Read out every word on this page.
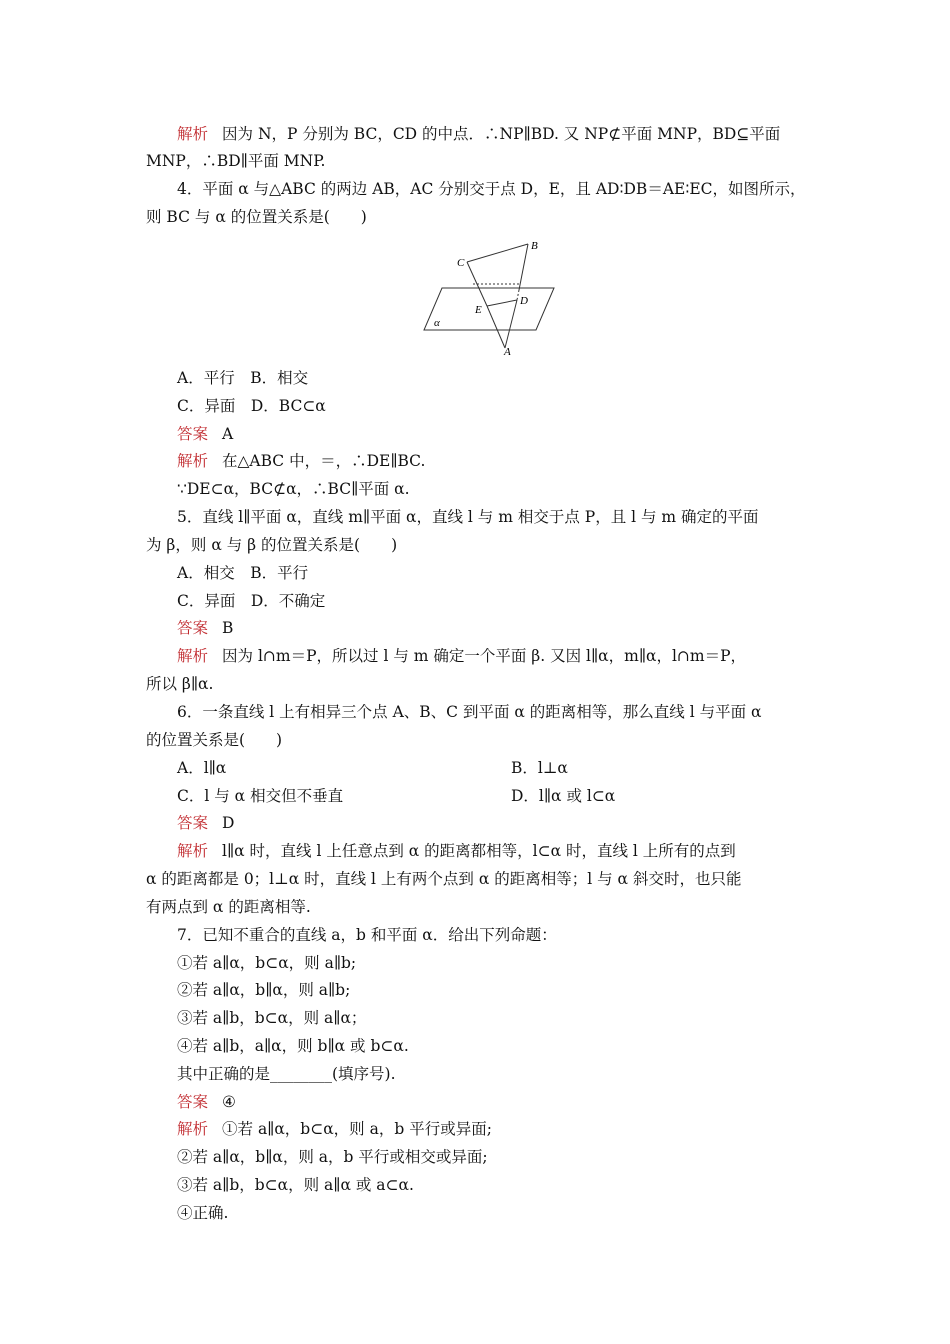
解析 因为 N，P 分别为 BC，CD 的中点．∴NP∥BD. 又 NP⊄平面 MNP，BD⊆平面
MNP，∴BD∥平面 MNP.
4．平面 α 与△ABC 的两边 AB，AC 分别交于点 D，E，且 AD∶DB＝AE∶EC，如图所示，
则 BC 与 α 的位置关系是(　　)
B
C
D
E
A
α
A．平行　B．相交
C．异面　D．BC⊂α
答案 A
解析 在△ABC 中，＝，∴DE∥BC.
∵DE⊂α，BC⊄α，∴BC∥平面 α.
5．直线 l∥平面 α，直线 m∥平面 α，直线 l 与 m 相交于点 P，且 l 与 m 确定的平面
为 β，则 α 与 β 的位置关系是(　　)
A．相交　B．平行
C．异面　D．不确定
答案 B
解析 因为 l∩m＝P，所以过 l 与 m 确定一个平面 β. 又因 l∥α，m∥α，l∩m＝P，
所以 β∥α.
6．一条直线 l 上有相异三个点 A、B、C 到平面 α 的距离相等，那么直线 l 与平面 α
的位置关系是(　　)
A．l∥α	B．l⊥α
C．l 与 α 相交但不垂直	D．l∥α 或 l⊂α
答案 D
解析 l∥α 时，直线 l 上任意点到 α 的距离都相等，l⊂α 时，直线 l 上所有的点到
α 的距离都是 0；l⊥α 时，直线 l 上有两个点到 α 的距离相等；l 与 α 斜交时，也只能
有两点到 α 的距离相等.
7．已知不重合的直线 a，b 和平面 α．给出下列命题：
①若 a∥α，b⊂α，则 a∥b;
②若 a∥α，b∥α，则 a∥b;
③若 a∥b，b⊂α，则 a∥α；
④若 a∥b，a∥α，则 b∥α 或 b⊂α.
其中正确的是________(填序号).
答案 ④
解析 ①若 a∥α，b⊂α，则 a，b 平行或异面;
②若 a∥α，b∥α，则 a，b 平行或相交或异面;
③若 a∥b，b⊂α，则 a∥α 或 a⊂α.
④正确.
